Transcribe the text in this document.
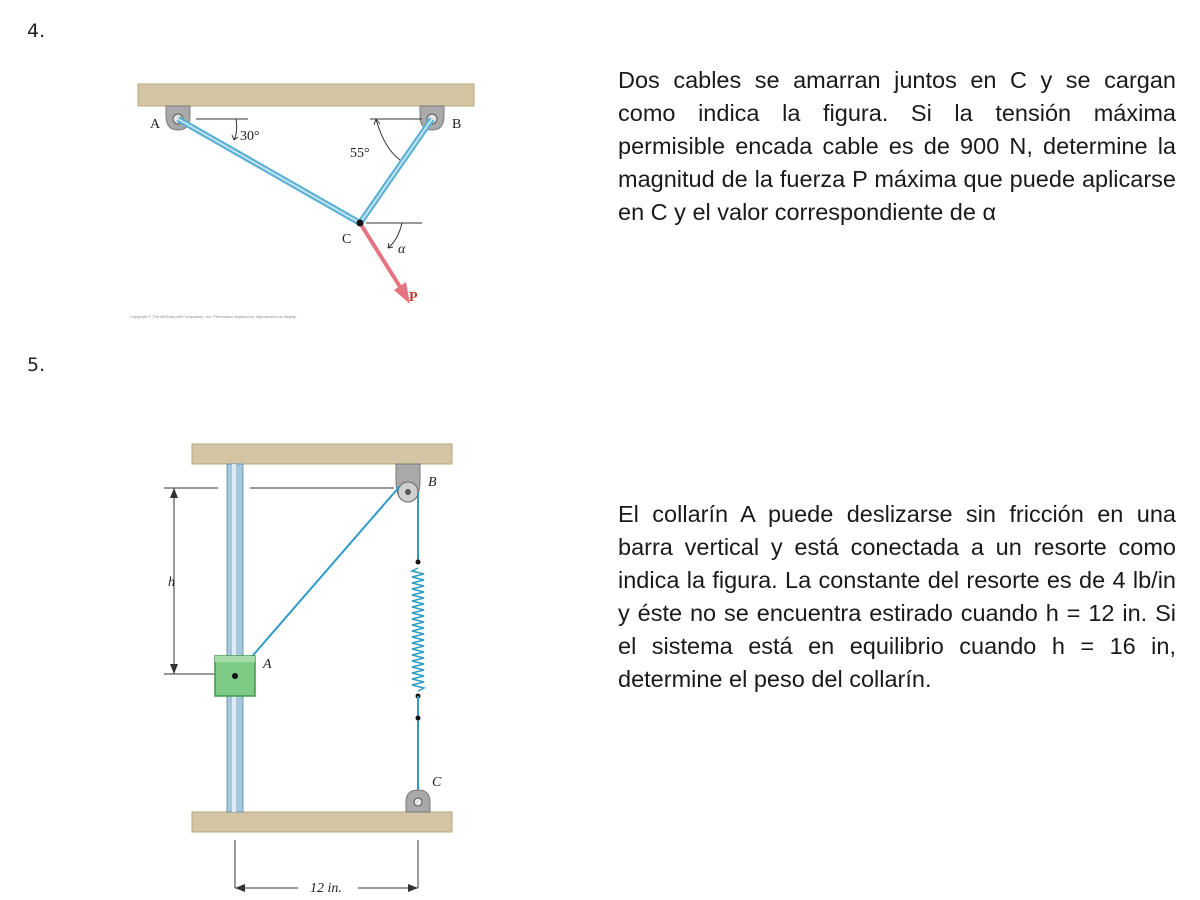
4.
A	B
C
P
α
30°
55°
Copyright © The McGraw-Hill Companies, Inc. Permission required for reproduction or display.
Dos cables se amarran juntos en C y se cargan como indica la figura. Si la tensión máxima permisible encada cable es de 900 N, determine la magnitud de la fuerza P máxima que puede aplicarse en C y el valor correspondiente de α
5.
h
B
C
A
12 in.
El collarín A puede deslizarse sin fricción en una barra vertical y está conectada a un resorte como indica la figura. La constante del resorte es de 4 lb/in y éste no se encuentra estirado cuando h = 12 in. Si el sistema está en equilibrio cuando h = 16 in, determine el peso del collarín.
